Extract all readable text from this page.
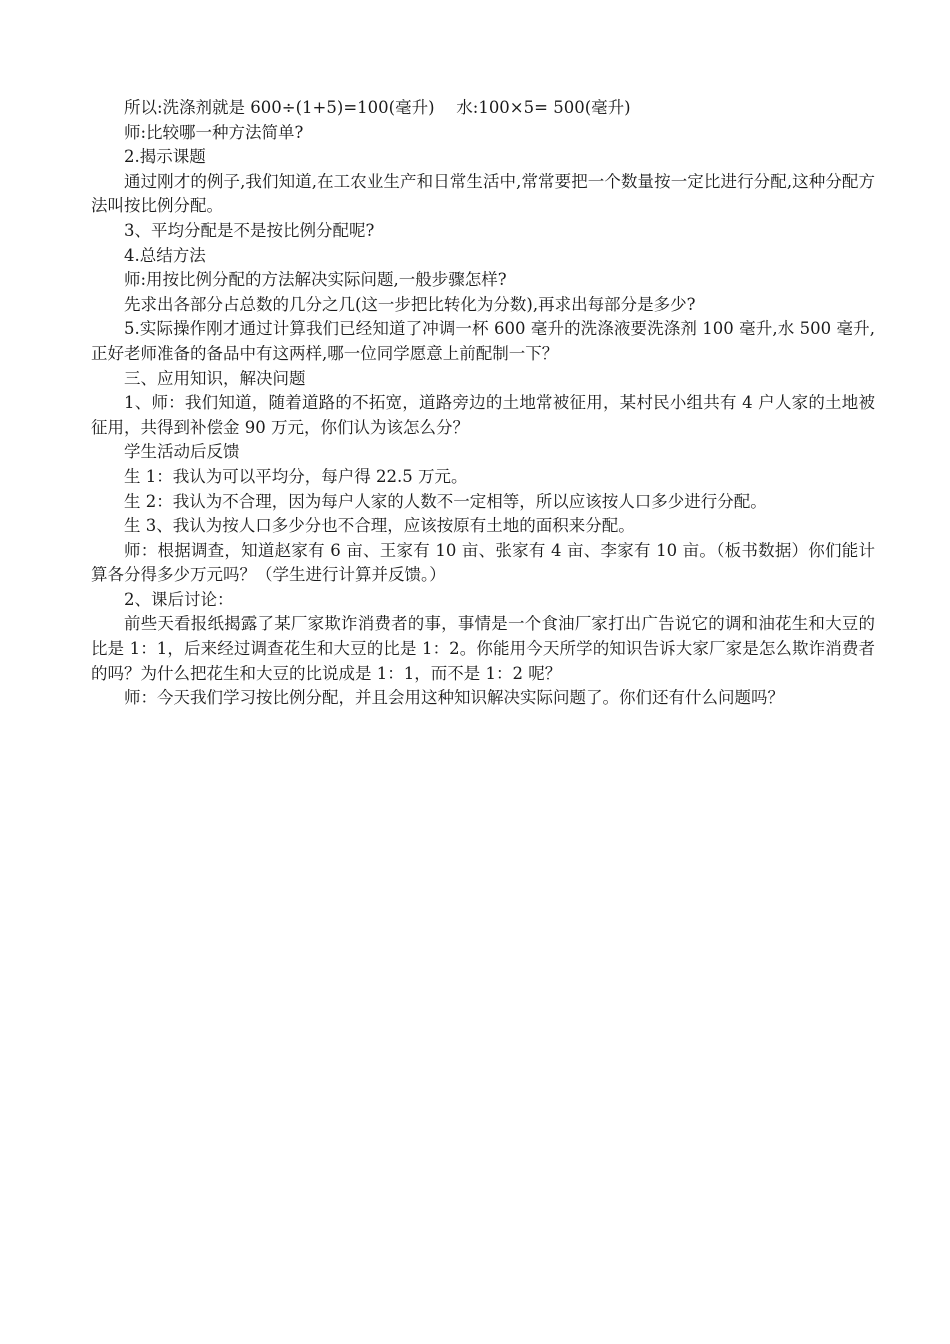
所以:洗涤剂就是 600÷(1+5)=100(毫升)　 水:100×5= 500(毫升)

师:比较哪一种方法简单?

2.揭示课题

通过刚才的例子,我们知道,在工农业生产和日常生活中,常常要把一个数量按一定比进行分配,这种分配方法叫按比例分配。

3、平均分配是不是按比例分配呢?

4.总结方法

师:用按比例分配的方法解决实际问题,一般步骤怎样?

先求出各部分占总数的几分之几(这一步把比转化为分数),再求出每部分是多少?

5.实际操作刚才通过计算我们已经知道了冲调一杯 600 毫升的洗涤液要洗涤剂 100 毫升,水 500 毫升,正好老师准备的备品中有这两样,哪一位同学愿意上前配制一下？

三、应用知识，解决问题

1、师：我们知道，随着道路的不拓宽，道路旁边的土地常被征用，某村民小组共有 4 户人家的土地被征用，共得到补偿金 90 万元，你们认为该怎么分？

学生活动后反馈

生 1：我认为可以平均分，每户得 22.5 万元。

生 2：我认为不合理，因为每户人家的人数不一定相等，所以应该按人口多少进行分配。

生 3、我认为按人口多少分也不合理，应该按原有土地的面积来分配。

师：根据调查，知道赵家有 6 亩、王家有 10 亩、张家有 4 亩、李家有 10 亩。（板书数据）你们能计算各分得多少万元吗？（学生进行计算并反馈。）

2、课后讨论：

前些天看报纸揭露了某厂家欺诈消费者的事，事情是一个食油厂家打出广告说它的调和油花生和大豆的比是 1：1，后来经过调查花生和大豆的比是 1：2。你能用今天所学的知识告诉大家厂家是怎么欺诈消费者的吗？为什么把花生和大豆的比说成是 1：1，而不是 1：2 呢？

师：今天我们学习按比例分配，并且会用这种知识解决实际问题了。你们还有什么问题吗？
